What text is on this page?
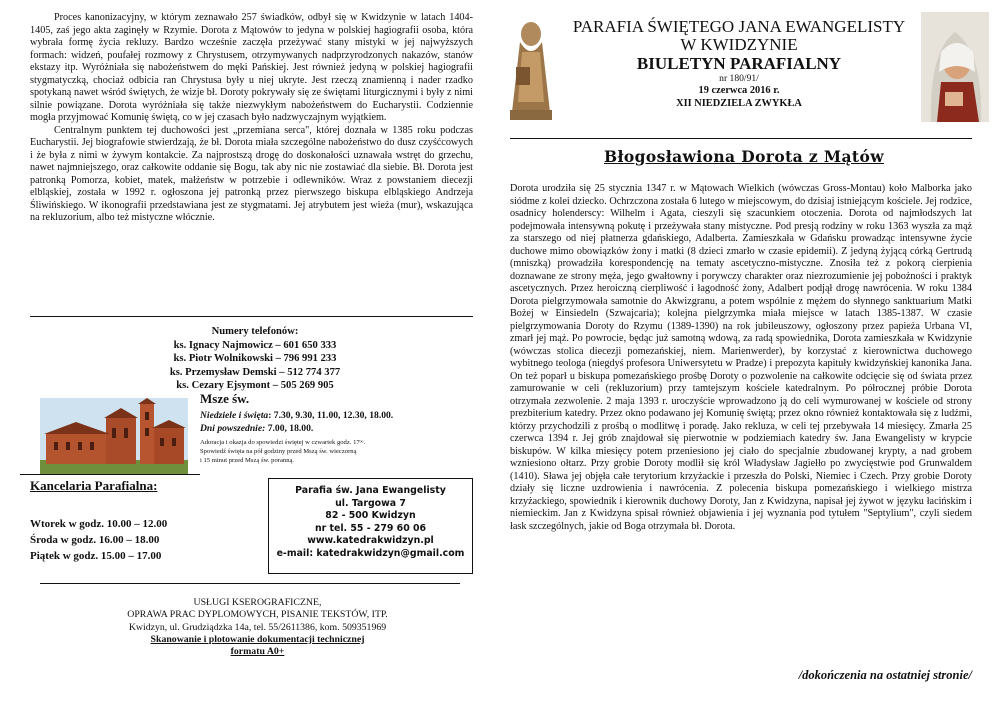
Proces kanonizacyjny, w którym zeznawało 257 świadków, odbył się w Kwidzynie w latach 1404-1405, zaś jego akta zaginęły w Rzymie. Dorota z Mątowów to jedyna w polskiej hagiografii osoba, która wybrała formę życia rekluzy. Bardzo wcześnie zaczęła przeżywać stany mistyki w jej najwyższych formach: widzeń, poufałej rozmowy z Chrystusem, otrzymywanych nadprzyrodzonych nakazów, stanów ekstazy itp. Wyróżniała się nabożeństwem do męki Pańskiej. Jest również jedyną w polskiej hagiografii stygmatyczką, chociaż odbicia ran Chrystusa były u niej ukryte. Jest rzeczą znamienną i nader rzadko spotykaną nawet wśród świętych, że wizje bł. Doroty pokrywały się ze świętami liturgicznymi i były z nimi silnie powiązane. Dorota wyróżniała się także niezwykłym nabożeństwem do Eucharystii. Codziennie mogła przyjmować Komunię świętą, co w jej czasach było nadzwyczajnym wyjątkiem.

Centralnym punktem tej duchowości jest „przemiana serca", której doznała w 1385 roku podczas Eucharystii. Jej biografowie stwierdzają, że bł. Dorota miała szczególne nabożeństwo do dusz czyśćcowych i że była z nimi w żywym kontakcie. Za najprostszą drogę do doskonałości uznawała wstręt do grzechu, nawet najmniejszego, oraz całkowite oddanie się Bogu, tak aby nic nie zostawiać dla siebie. Bł. Dorota jest patronką Pomorza, kobiet, matek, małżeństw w potrzebie i odlewników. Wraz z powstaniem diecezji elbląskiej, została w 1992 r. ogłoszona jej patronką przez pierwszego biskupa elbląskiego Andrzeja Śliwińskiego. W ikonografii przedstawiana jest ze stygmatami. Jej atrybutem jest wieża (mur), wskazująca na rekluzorium, albo też mistyczne włócznie.

Numery telefonów:
ks. Ignacy Najmowicz – 601 650 333
ks. Piotr Wolnikowski – 796 991 233
ks. Przemysław Demski – 512 774 377
ks. Cezary Ejsymont – 505 269 905

Msze św.

Niedziele i święta: 7.30, 9.30, 11.00, 12.30, 18.00.

Dni powszednie: 7.00, 18.00.

Adoracja i okazja do spowiedzi świętej w czwartek godz. 17ᵒᵒ.

Spowiedź święta na pół godziny przed Mszą św. wieczorną

i 15 minut przed Mszą św. poranną.

Kancelaria Parafialna:

Wtorek w godz. 10.00 – 12.00

Środa w godz. 16.00 – 18.00

Piątek w godz. 15.00 – 17.00

Parafia św. Jana Ewangelisty
ul. Targowa 7
82 - 500 Kwidzyn
nr tel. 55 - 279 60 06
www.katedrakwidzyn.pl
e-mail: katedrakwidzyn@gmail.com
USŁUGI KSEROGRAFICZNE,
OPRAWA PRAC DYPLOMOWYCH, PISANIE TEKSTÓW, ITP.
Kwidzyn, ul. Grudziądzka 14a, tel. 55/2611386, kom. 509351969
Skanowanie i plotowanie dokumentacji technicznej
formatu A0+

PARAFIA ŚWIĘTEGO JANA EWANGELISTY

W KWIDZYNIE

BIULETYN PARAFIALNY

nr 180/91/

19 czerwca 2016 r.

XII NIEDZIELA ZWYKŁA

Błogosławiona Dorota z Mątów

Dorota urodziła się 25 stycznia 1347 r. w Mątowach Wielkich (wówczas Gross-Montau) koło Malborka jako siódme z kolei dziecko. Ochrzczona została 6 lutego w miejscowym, do dzisiaj istniejącym kościele. Jej rodzice, osadnicy holenderscy: Wilhelm i Agata, cieszyli się szacunkiem otoczenia. Dorota od najmłodszych lat podejmowała intensywną pokutę i przeżywała stany mistyczne. Pod presją rodziny w roku 1363 wyszła za mąż za starszego od niej płatnerza gdańskiego, Adalberta. Zamieszkała w Gdańsku prowadząc intensywne życie duchowe mimo obowiązków żony i matki (8 dzieci zmarło w czasie epidemii). Z jedyną żyjącą córką Gertrudą (mniszką) prowadziła korespondencję na tematy ascetyczno-mistyczne. Znosiła też z pokorą cierpienia doznawane ze strony męża, jego gwałtowny i porywczy charakter oraz niezrozumienie jej pobożności i praktyk ascetycznych. Przez heroiczną cierpliwość i łagodność żony, Adalbert podjął drogę nawrócenia. W roku 1384 Dorota pielgrzymowała samotnie do Akwizgranu, a potem wspólnie z mężem do słynnego sanktuarium Matki Bożej w Einsiedeln (Szwajcaria); kolejna pielgrzymka miała miejsce w latach 1385-1387. W czasie pielgrzymowania Doroty do Rzymu (1389-1390) na rok jubileuszowy, ogłoszony przez papieża Urbana VI, zmarł jej mąż. Po powrocie, będąc już samotną wdową, za radą spowiednika, Dorota zamieszkała w Kwidzynie (wówczas stolica diecezji pomezańskiej, niem. Marienwerder), by korzystać z kierownictwa duchowego wybitnego teologa (niegdyś profesora Uniwersytetu w Pradze) i prepozyta kapituły kwidzyńskiej kanonika Jana. On też poparł u biskupa pomezańskiego prośbę Doroty o pozwolenie na całkowite odcięcie się od świata przez zamurowanie w celi (rekluzorium) przy tamtejszym kościele katedralnym. Po półrocznej próbie Dorota otrzymała zezwolenie. 2 maja 1393 r. uroczyście wprowadzono ją do celi wymurowanej w kościele od strony prezbiterium katedry. Przez okno podawano jej Komunię świętą; przez okno również kontaktowała się z ludźmi, którzy przychodzili z prośbą o modlitwę i poradę. Jako rekluza, w celi tej przebywała 14 miesięcy. Zmarła 25 czerwca 1394 r. Jej grób znajdował się pierwotnie w podziemiach katedry św. Jana Ewangelisty w krypcie biskupów. W kilka miesięcy potem przeniesiono jej ciało do specjalnie zbudowanej krypty, a nad grobem wzniesiono ołtarz. Przy grobie Doroty modlił się król Władysław Jagiełło po zwycięstwie pod Grunwaldem (1410). Sława jej objęła całe terytorium krzyżackie i przeszła do Polski, Niemiec i Czech. Przy grobie Doroty działy się liczne uzdrowienia i nawrócenia. Z polecenia biskupa pomezańskiego i wielkiego mistrza krzyżackiego, spowiednik i kierownik duchowy Doroty, Jan z Kwidzyna, napisał jej żywot w języku łacińskim i niemieckim. Jan z Kwidzyna spisał również objawienia i jej wyznania pod tytułem "Septylium", czyli siedem łask szczególnych, jakie od Boga otrzymała bł. Dorota.

/dokończenia na ostatniej stronie/
